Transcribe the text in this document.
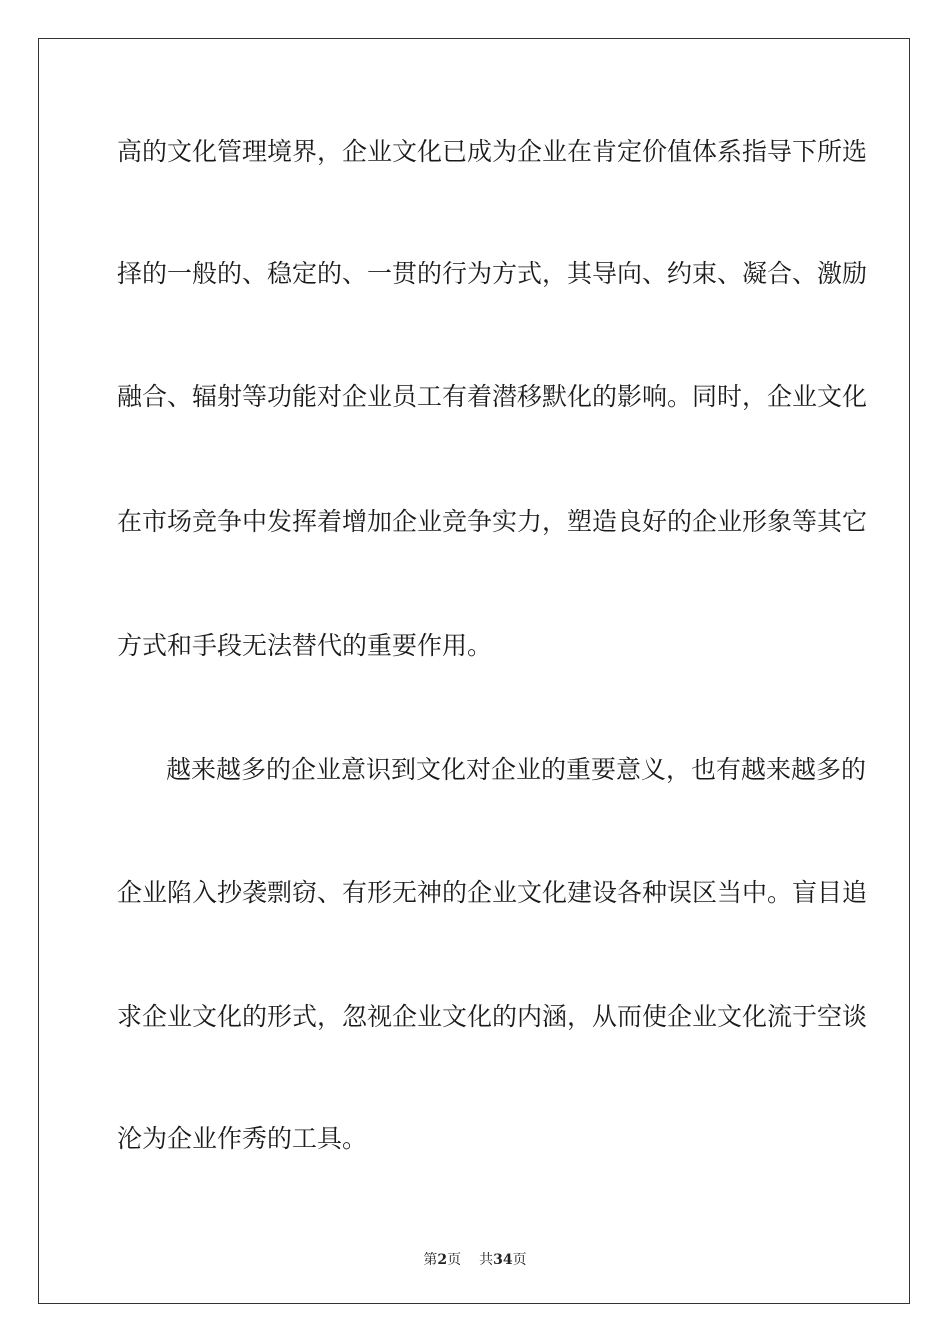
高的文化管理境界，企业文化已成为企业在肯定价值体系指导下所选
择的一般的、稳定的、一贯的行为方式，其导向、约束、凝合、激励
融合、辐射等功能对企业员工有着潜移默化的影响。同时，企业文化
在市场竞争中发挥着增加企业竞争实力，塑造良好的企业形象等其它
方式和手段无法替代的重要作用。
越来越多的企业意识到文化对企业的重要意义，也有越来越多的
企业陷入抄袭剽窃、有形无神的企业文化建设各种误区当中。盲目追
求企业文化的形式，忽视企业文化的内涵，从而使企业文化流于空谈
沦为企业作秀的工具。
第2页 共34页
